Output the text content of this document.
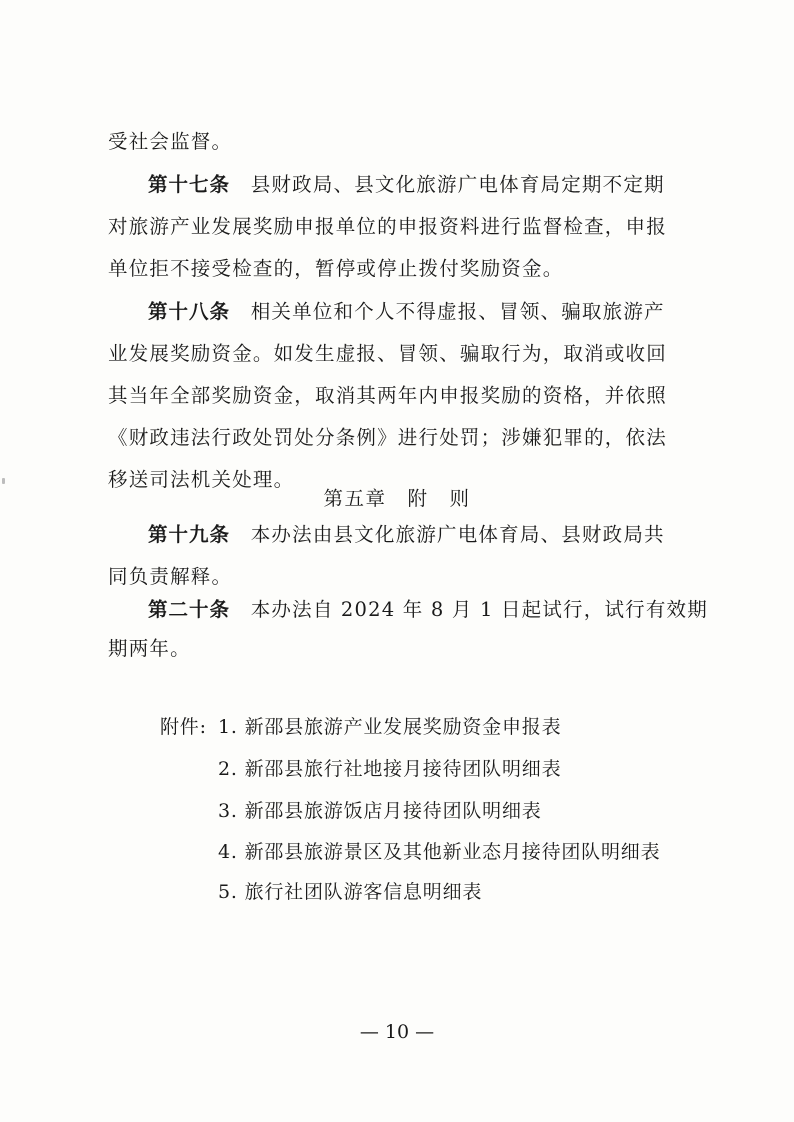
受社会监督。
第十七条　 县财政局、县文化旅游广电体育局定期不定期
对旅游产业发展奖励申报单位的申报资料进行监督检查，申报
单位拒不接受检查的，暂停或停止拨付奖励资金。
第十八条　 相关单位和个人不得虚报、冒领、骗取旅游产
业发展奖励资金。如发生虚报、冒领、骗取行为，取消或收回
其当年全部奖励资金，取消其两年内申报奖励的资格，并依照
《财政违法行政处罚处分条例》进行处罚；涉嫌犯罪的，依法
移送司法机关处理。
第五章　附　则
第十九条　 本办法由县文化旅游广电体育局、县财政局共
同负责解释。
第二十条　 本办法自 2024 年 8 月 1 日起试行，试行有效期
期两年。
附件: 1. 新邵县旅游产业发展奖励资金申报表
2. 新邵县旅行社地接月接待团队明细表
3. 新邵县旅游饭店月接待团队明细表
4. 新邵县旅游景区及其他新业态月接待团队明细表
5. 旅行社团队游客信息明细表
— 10 —
